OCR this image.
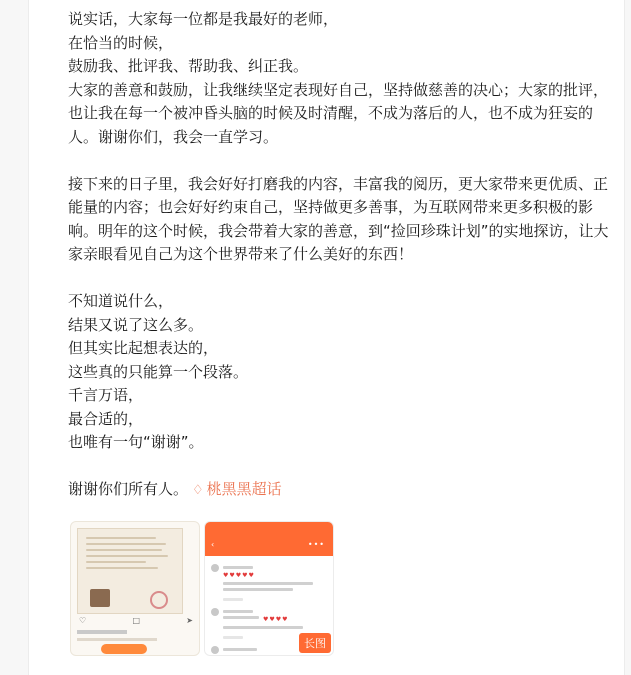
说实话，大家每一位都是我最好的老师，

在恰当的时候，

鼓励我、批评我、帮助我、纠正我。

大家的善意和鼓励，让我继续坚定表现好自己，坚持做慈善的决心；大家的批评，

也让我在每一个被冲昏头脑的时候及时清醒，不成为落后的人，也不成为狂妄的

人。谢谢你们，我会一直学习。

接下来的日子里，我会好好打磨我的内容，丰富我的阅历，更大家带来更优质、正

能量的内容；也会好好约束自己，坚持做更多善事，为互联网带来更多积极的影

响。明年的这个时候，我会带着大家的善意，到“捡回珍珠计划”的实地探访，让大

家亲眼看见自己为这个世界带来了什么美好的东西！

不知道说什么，

结果又说了这么多。

但其实比起想表达的，

这些真的只能算一个段落。

千言万语，

最合适的，

也唯有一句“谢谢”。

谢谢你们所有人。 ♢ 桃黑黑超话

♡	□	➤
‹	•••
♥♥♥♥♥
♥♥♥♥
长图
